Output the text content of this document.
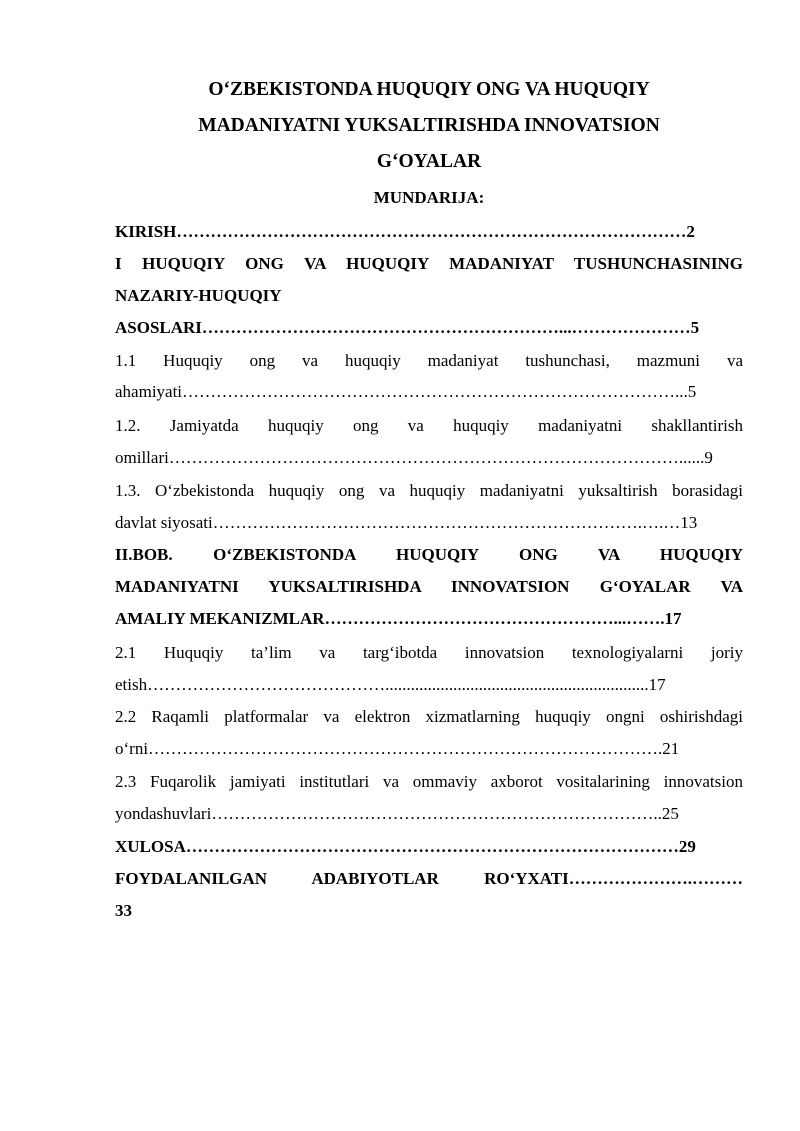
O‘ZBEKISTONDA HUQUQIY ONG VA HUQUQIY
MADANIYATNI YUKSALTIRISHDA INNOVATSION
G‘OYALAR
MUNDARIJA:
KIRISH………………………………………………………………………………2
I HUQUQIY ONG VA HUQUQIY MADANIYAT TUSHUNCHASINING
NAZARIY-HUQUQIY
ASOSLARI………………………………………………………...…………………5
1.1 Huquqiy ong va huquqiy madaniyat tushunchasi, mazmuni va
ahamiyati……………………………………………………………………………...5
1.2. Jamiyatda huquqiy ong va huquqiy madaniyatni shakllantirish
omillari………………………………………………………………………………......9
1.3. O‘zbekistonda huquqiy ong va huquqiy madaniyatni yuksaltirish borasidagi
davlat siyosati………………………………………………………………….….…13
II.BOB. O‘ZBEKISTONDA HUQUQIY ONG VA HUQUQIY
MADANIYATNI YUKSALTIRISHDA INNOVATSION G‘OYALAR VA
AMALIY MEKANIZMLAR……………………………………………...…….17
2.1 Huquqiy ta’lim va targ‘ibotda innovatsion texnologiyalarni joriy
etish……………………………………..............................................................17
2.2 Raqamli platformalar va elektron xizmatlarning huquqiy ongni oshirishdagi
o‘rni……………………………………………………………………………….21
2.3 Fuqarolik jamiyati institutlari va ommaviy axborot vositalarining innovatsion
yondashuvlari……………………………………………………………………..25
XULOSA……………………………………………………………………………29
FOYDALANILGAN ADABIYOTLAR RO‘YXATI………………….………
33
